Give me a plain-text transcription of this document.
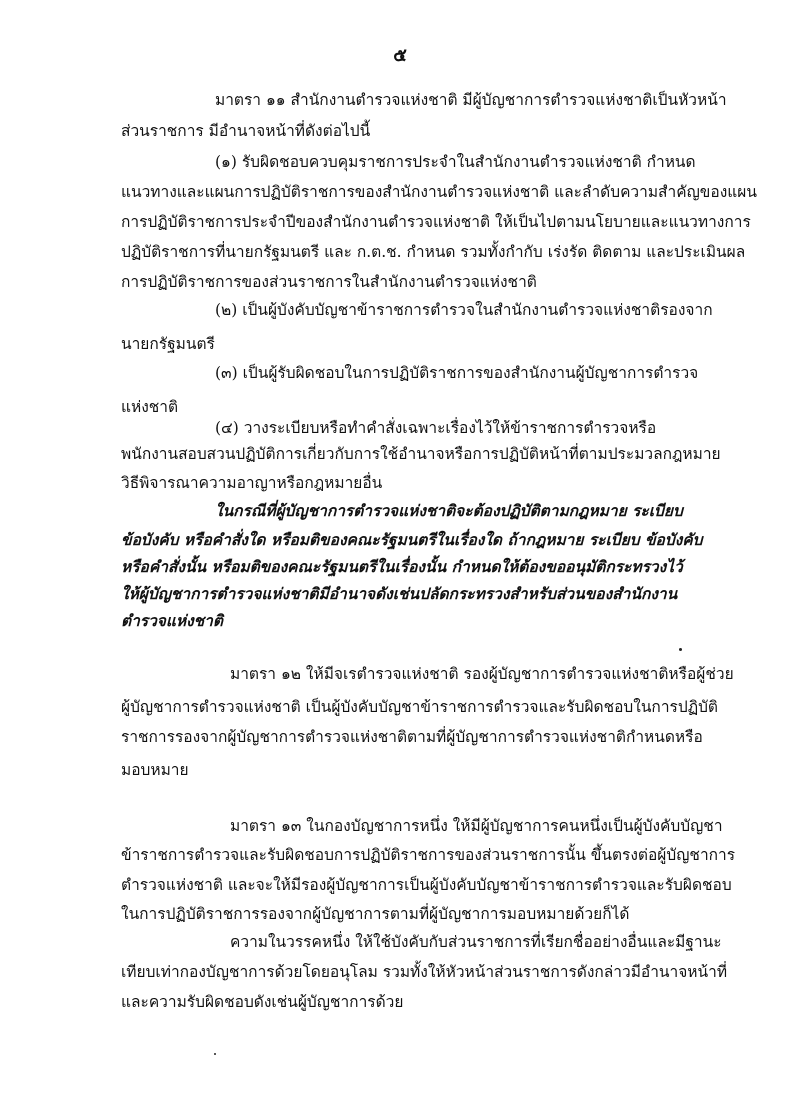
๕
มาตรา ๑๑ สำนักงานตำรวจแห่งชาติ มีผู้บัญชาการตำรวจแห่งชาติเป็นหัวหน้า
ส่วนราชการ มีอำนาจหน้าที่ดังต่อไปนี้
(๑) รับผิดชอบควบคุมราชการประจำในสำนักงานตำรวจแห่งชาติ กำหนด
แนวทางและแผนการปฏิบัติราชการของสำนักงานตำรวจแห่งชาติ และลำดับความสำคัญของแผน
การปฏิบัติราชการประจำปีของสำนักงานตำรวจแห่งชาติ ให้เป็นไปตามนโยบายและแนวทางการ
ปฏิบัติราชการที่นายกรัฐมนตรี และ ก.ต.ช. กำหนด รวมทั้งกำกับ เร่งรัด ติดตาม และประเมินผล
การปฏิบัติราชการของส่วนราชการในสำนักงานตำรวจแห่งชาติ
(๒) เป็นผู้บังคับบัญชาข้าราชการตำรวจในสำนักงานตำรวจแห่งชาติรองจาก
นายกรัฐมนตรี
(๓) เป็นผู้รับผิดชอบในการปฏิบัติราชการของสำนักงานผู้บัญชาการตำรวจ
แห่งชาติ
(๔) วางระเบียบหรือทำคำสั่งเฉพาะเรื่องไว้ให้ข้าราชการตำรวจหรือ
พนักงานสอบสวนปฏิบัติการเกี่ยวกับการใช้อำนาจหรือการปฏิบัติหน้าที่ตามประมวลกฎหมาย
วิธีพิจารณาความอาญาหรือกฎหมายอื่น
ในกรณีที่ผู้บัญชาการตำรวจแห่งชาติจะต้องปฏิบัติตามกฎหมาย ระเบียบ
ข้อบังคับ หรือคำสั่งใด หรือมติของคณะรัฐมนตรีในเรื่องใด ถ้ากฎหมาย ระเบียบ ข้อบังคับ
หรือคำสั่งนั้น หรือมติของคณะรัฐมนตรีในเรื่องนั้น กำหนดให้ต้องขออนุมัติกระทรวงไว้
ให้ผู้บัญชาการตำรวจแห่งชาติมีอำนาจดังเช่นปลัดกระทรวงสำหรับส่วนของสำนักงาน
ตำรวจแห่งชาติ
มาตรา ๑๒ ให้มีจเรตำรวจแห่งชาติ รองผู้บัญชาการตำรวจแห่งชาติหรือผู้ช่วย
ผู้บัญชาการตำรวจแห่งชาติ เป็นผู้บังคับบัญชาข้าราชการตำรวจและรับผิดชอบในการปฏิบัติ
ราชการรองจากผู้บัญชาการตำรวจแห่งชาติตามที่ผู้บัญชาการตำรวจแห่งชาติกำหนดหรือ
มอบหมาย
มาตรา ๑๓ ในกองบัญชาการหนึ่ง ให้มีผู้บัญชาการคนหนึ่งเป็นผู้บังคับบัญชา
ข้าราชการตำรวจและรับผิดชอบการปฏิบัติราชการของส่วนราชการนั้น ขึ้นตรงต่อผู้บัญชาการ
ตำรวจแห่งชาติ และจะให้มีรองผู้บัญชาการเป็นผู้บังคับบัญชาข้าราชการตำรวจและรับผิดชอบ
ในการปฏิบัติราชการรองจากผู้บัญชาการตามที่ผู้บัญชาการมอบหมายด้วยก็ได้
ความในวรรคหนึ่ง ให้ใช้บังคับกับส่วนราชการที่เรียกชื่ออย่างอื่นและมีฐานะ
เทียบเท่ากองบัญชาการด้วยโดยอนุโลม รวมทั้งให้หัวหน้าส่วนราชการดังกล่าวมีอำนาจหน้าที่
และความรับผิดชอบดังเช่นผู้บัญชาการด้วย
